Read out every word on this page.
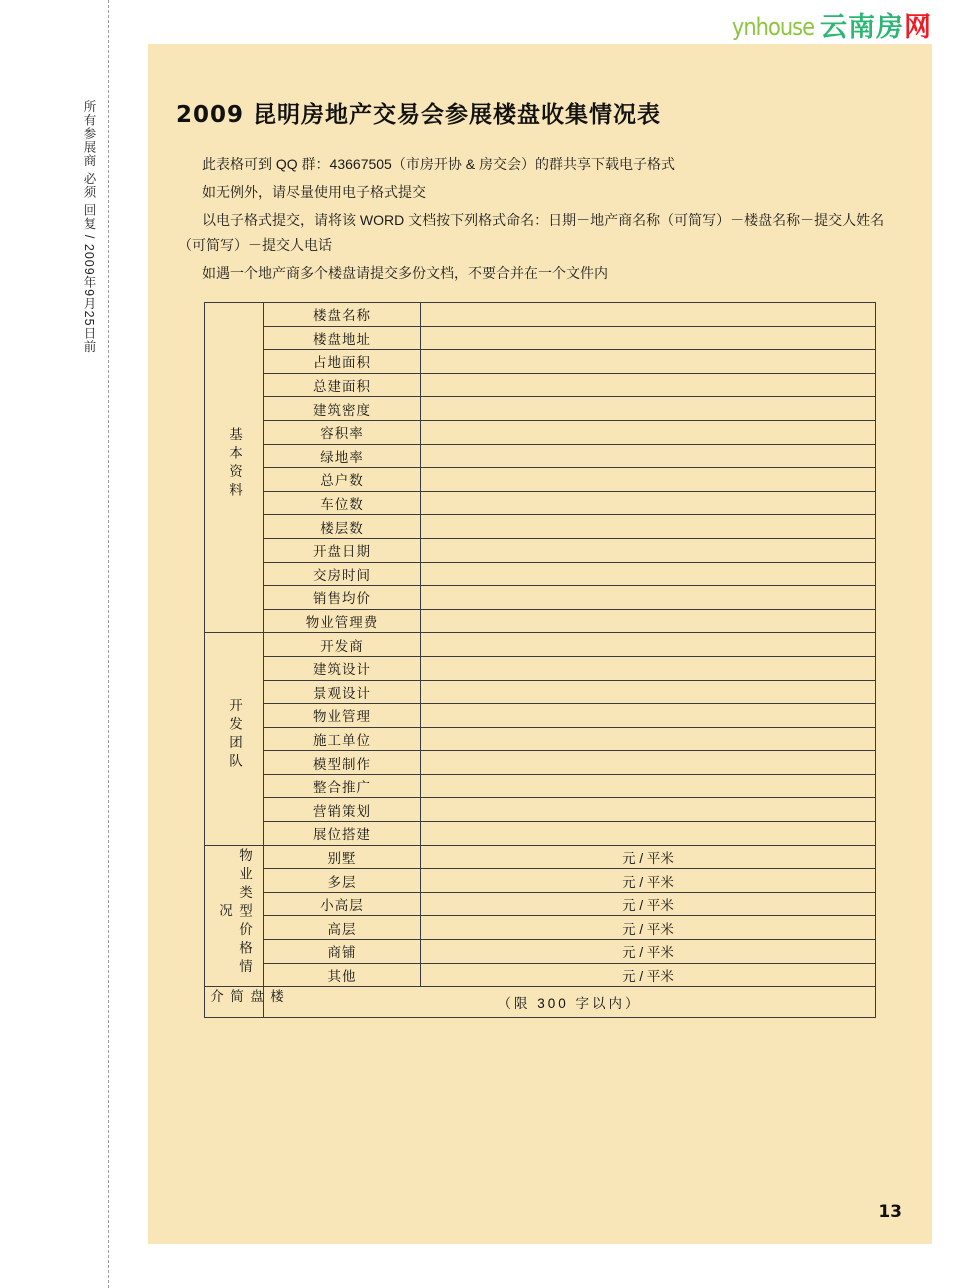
所有参展商 必须 回复 / 2009年9月25日前
ynhouse 云南房网
2009 昆明房地产交易会参展楼盘收集情况表

此表格可到 QQ 群：43667505（市房开协 & 房交会）的群共享下载电子格式

如无例外，请尽量使用电子格式提交

以电子格式提交，请将该 WORD 文档按下列格式命名：日期－地产商名称（可简写）－楼盘名称－提交人姓名（可简写）－提交人电话

如遇一个地产商多个楼盘请提交多份文档，不要合并在一个文件内

基本资料	楼盘名称	
	楼盘地址	
	占地面积	
	总建面积	
	建筑密度	
	容积率	
	绿地率	
	总户数	
	车位数	
	楼层数	
	开盘日期	
	交房时间	
	销售均价	
	物业管理费	
开发团队	开发商	
	建筑设计	
	景观设计	
	物业管理	
	施工单位	
	模型制作	
	整合推广	
	营销策划	
	展位搭建	
物业类型价格情况	别墅	元 / 平米
	多层	元 / 平米
	小高层	元 / 平米
	高层	元 / 平米
	商铺	元 / 平米
	其他	元 / 平米
楼盘简介	（限 300 字以内）	
13
